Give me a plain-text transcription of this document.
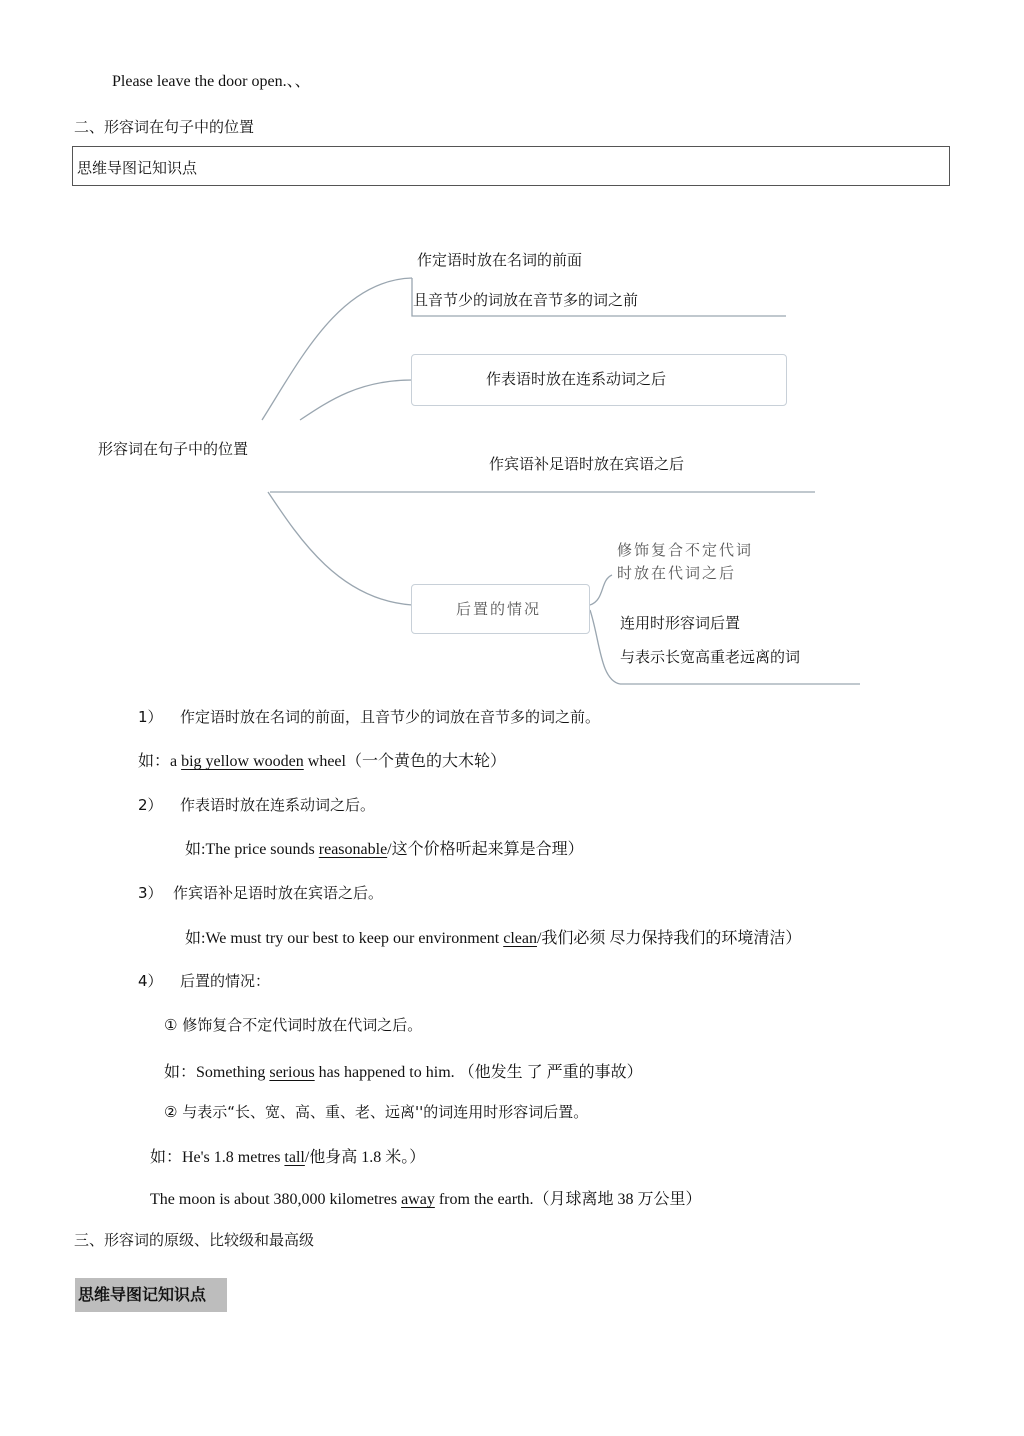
Please leave the door open.、、
二、形容词在句子中的位置
思维导图记知识点
形容词在句子中的位置
作定语时放在名词的前面
且音节少的词放在音节多的词之前
作表语时放在连系动词之后
作宾语补足语时放在宾语之后
后置的情况
修饰复合不定代词
时放在代词之后
连用时形容词后置
与表示长宽高重老远离的词
1） 作定语时放在名词的前面，且音节少的词放在音节多的词之前。
如：a big yellow wooden wheel（一个黄色的大木轮）
2） 作表语时放在连系动词之后。
如:The price sounds reasonable/这个价格听起来算是合理）
3） 作宾语补足语时放在宾语之后。
如:We must try our best to keep our environment clean/我们必须 尽力保持我们的环境清洁）
4） 后置的情况：
① 修饰复合不定代词时放在代词之后。
如：Something serious has happened to him. （他发生 了 严重的事故）
② 与表示“长、宽、高、重、老、远离''的词连用时形容词后置。
如：He's 1.8 metres tall/他身高 1.8 米。）
The moon is about 380,000 kilometres away from the earth.（月球离地 38 万公里）
三、形容词的原级、比较级和最高级
思维导图记知识点
